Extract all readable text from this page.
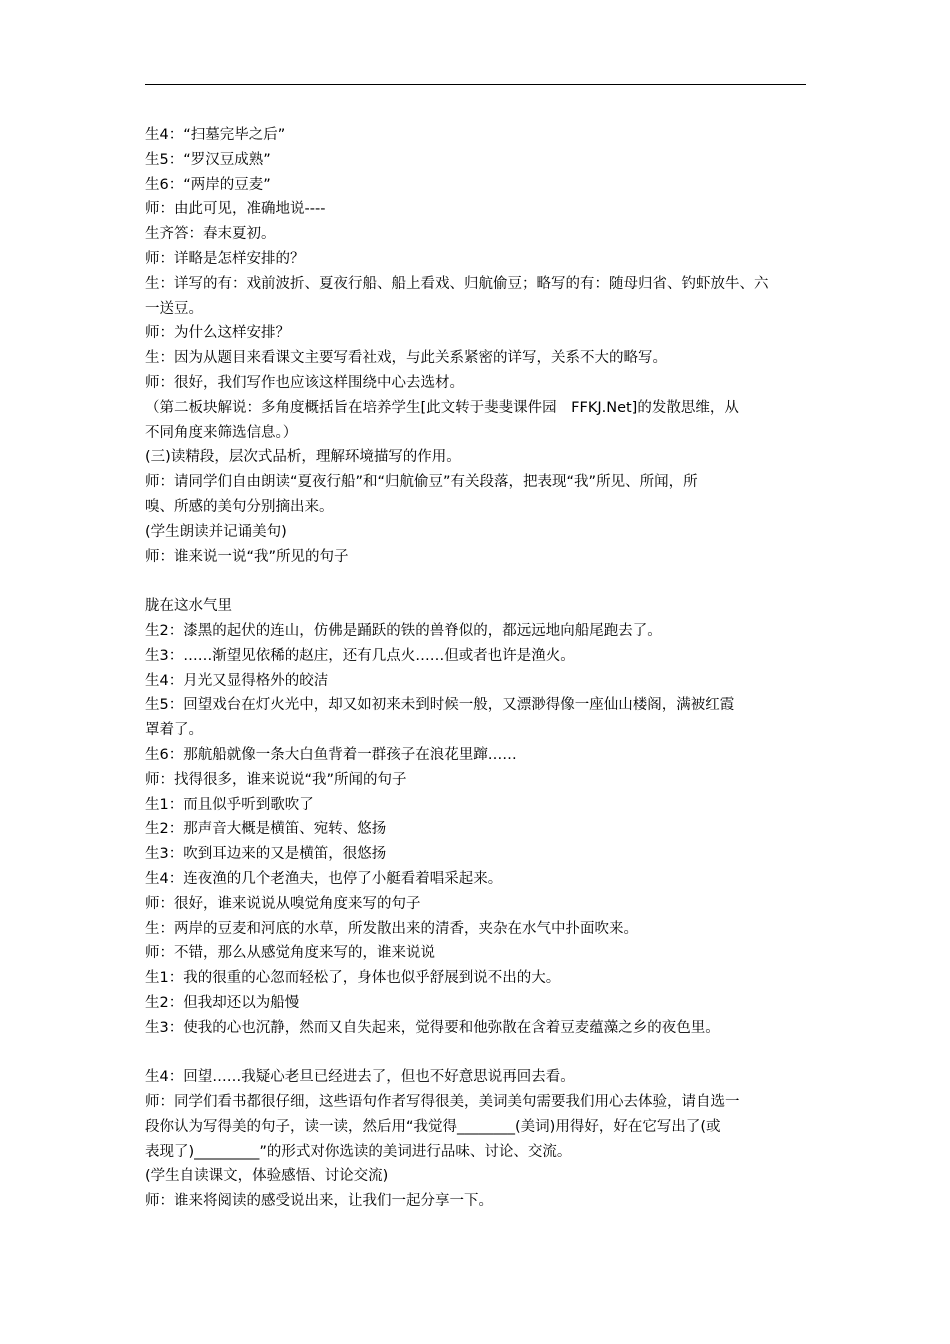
生4：“扫墓完毕之后”
生5：“罗汉豆成熟”
生6：“两岸的豆麦”
师：由此可见，准确地说----
生齐答：春末夏初。
师：详略是怎样安排的？
生：详写的有：戏前波折、夏夜行船、船上看戏、归航偷豆；略写的有：随母归省、钓虾放牛、六
一送豆。
师：为什么这样安排？
生：因为从题目来看课文主要写看社戏，与此关系紧密的详写，关系不大的略写。
师：很好，我们写作也应该这样围绕中心去选材。
（第二板块解说：多角度概括旨在培养学生[此文转于斐斐课件园　FFKJ.Net]的发散思维，从
不同角度来筛选信息。）
(三)读精段，层次式品析，理解环境描写的作用。
师：请同学们自由朗读“夏夜行船”和“归航偷豆”有关段落，把表现“我”所见、所闻，所
嗅、所感的美句分别摘出来。
(学生朗读并记诵美句)
师：谁来说一说“我”所见的句子
胧在这水气里
生2：漆黑的起伏的连山，仿佛是踊跃的铁的兽脊似的，都远远地向船尾跑去了。
生3：……渐望见依稀的赵庄，还有几点火……但或者也许是渔火。
生4：月光又显得格外的皎洁
生5：回望戏台在灯火光中，却又如初来未到时候一般，又漂渺得像一座仙山楼阁，满被红霞
罩着了。
生6：那航船就像一条大白鱼背着一群孩子在浪花里蹿……
师：找得很多，谁来说说“我”所闻的句子
生1：而且似乎听到歌吹了
生2：那声音大概是横笛、宛转、悠扬
生3：吹到耳边来的又是横笛，很悠扬
生4：连夜渔的几个老渔夫，也停了小艇看着唱采起来。
师：很好，谁来说说从嗅觉角度来写的句子
生：两岸的豆麦和河底的水草，所发散出来的清香，夹杂在水气中扑面吹来。
师：不错，那么从感觉角度来写的，谁来说说
生1：我的很重的心忽而轻松了，身体也似乎舒展到说不出的大。
生2：但我却还以为船慢
生3：使我的心也沉静，然而又自失起来，觉得要和他弥散在含着豆麦蕴藻之乡的夜色里。
生4：回望……我疑心老旦已经进去了，但也不好意思说再回去看。
师：同学们看书都很仔细，这些语句作者写得很美，美词美句需要我们用心去体验，请自选一
段你认为写得美的句子，读一读，然后用“我觉得________(美词)用得好，好在它写出了(或
表现了)_________”的形式对你选读的美词进行品味、讨论、交流。
(学生自读课文，体验感悟、讨论交流)
师：谁来将阅读的感受说出来，让我们一起分享一下。
